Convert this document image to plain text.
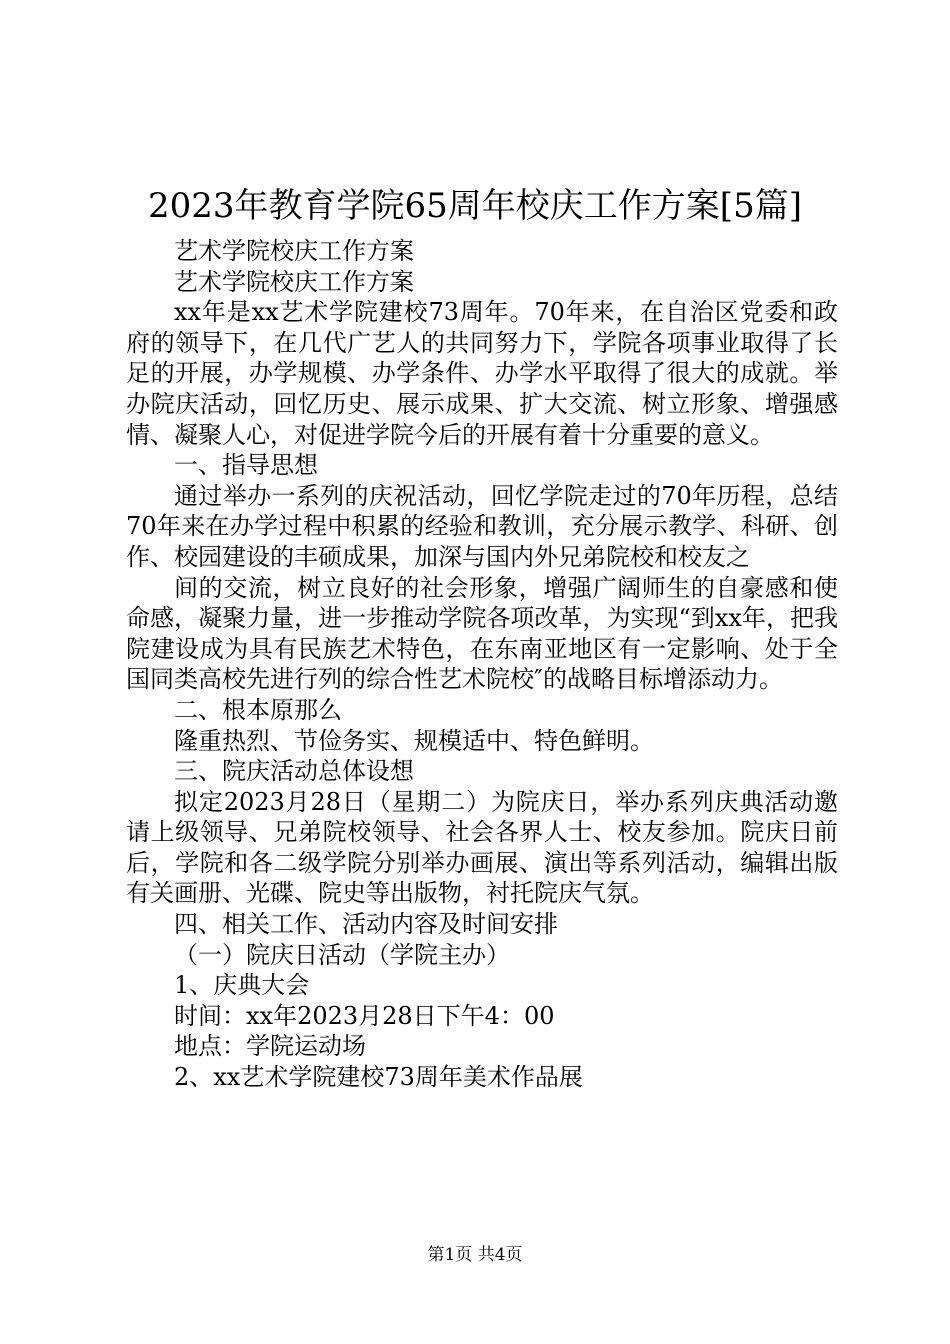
2023年教育学院65周年校庆工作方案[5篇]

艺术学院校庆工作方案

艺术学院校庆工作方案

xx年是xx艺术学院建校73周年。70年来，在自治区党委和政府的领导下，在几代广艺人的共同努力下，学院各项事业取得了长足的开展，办学规模、办学条件、办学水平取得了很大的成就。举办院庆活动，回忆历史、展示成果、扩大交流、树立形象、增强感情、凝聚人心，对促进学院今后的开展有着十分重要的意义。

一、指导思想

通过举办一系列的庆祝活动，回忆学院走过的70年历程，总结70年来在办学过程中积累的经验和教训，充分展示教学、科研、创作、校园建设的丰硕成果，加深与国内外兄弟院校和校友之

间的交流，树立良好的社会形象，增强广阔师生的自豪感和使命感，凝聚力量，进一步推动学院各项改革，为实现“到xx年，把我院建设成为具有民族艺术特色，在东南亚地区有一定影响、处于全国同类高校先进行列的综合性艺术院校″的战略目标增添动力。

二、根本原那么

隆重热烈、节俭务实、规模适中、特色鲜明。

三、院庆活动总体设想

拟定2023月28日（星期二）为院庆日，举办系列庆典活动邀请上级领导、兄弟院校领导、社会各界人士、校友参加。院庆日前后，学院和各二级学院分别举办画展、演出等系列活动，编辑出版有关画册、光碟、院史等出版物，衬托院庆气氛。

四、相关工作、活动内容及时间安排

（一）院庆日活动（学院主办）

1、庆典大会

时间：xx年2023月28日下午4：00

地点：学院运动场

2、xx艺术学院建校73周年美术作品展

第1页 共4页
